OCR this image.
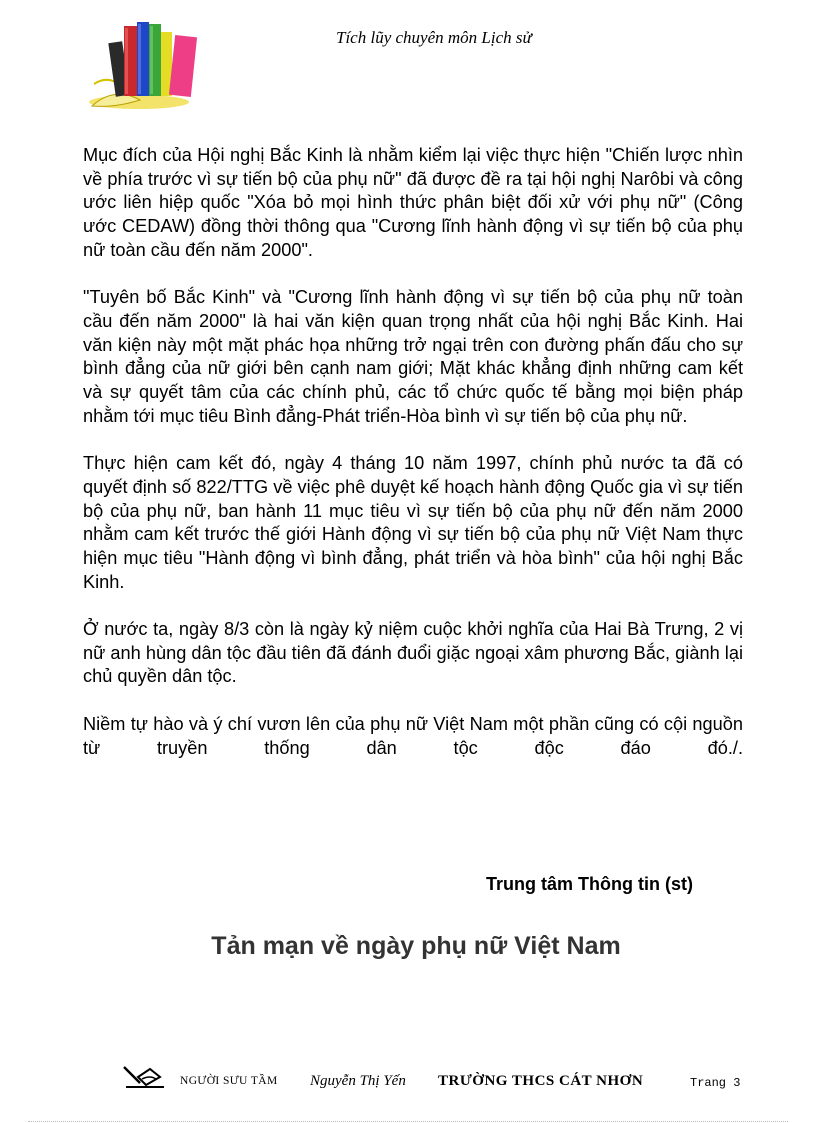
Tích lũy chuyên môn Lịch sử

Mục đích của Hội nghị Bắc Kinh là nhằm kiểm lại việc thực hiện "Chiến lược nhìn về phía trước vì sự tiến bộ của phụ nữ" đã được đề ra tại hội nghị Narôbi và công ước liên hiệp quốc "Xóa bỏ mọi hình thức phân biệt đối xử với phụ nữ" (Công ước CEDAW) đồng thời thông qua "Cương lĩnh hành động vì sự tiến bộ của phụ nữ toàn cầu đến năm 2000".

"Tuyên bố Bắc Kinh" và "Cương lĩnh hành động vì sự tiến bộ của phụ nữ toàn cầu đến năm 2000" là hai văn kiện quan trọng nhất của hội nghị Bắc Kinh. Hai văn kiện này một mặt phác họa những trở ngại trên con đường phấn đấu cho sự bình đẳng của nữ giới bên cạnh nam giới; Mặt khác khẳng định những cam kết và sự quyết tâm của các chính phủ, các tổ chức quốc tế bằng mọi biện pháp nhằm tới mục tiêu Bình đẳng-Phát triển-Hòa bình vì sự tiến bộ của phụ nữ.

Thực hiện cam kết đó, ngày 4 tháng 10 năm 1997, chính phủ nước ta đã có quyết định số 822/TTG về việc phê duyệt kế hoạch hành động Quốc gia vì sự tiến bộ của phụ nữ, ban hành 11 mục tiêu vì sự tiến bộ của phụ nữ đến năm 2000 nhằm cam kết trước thế giới Hành động vì sự tiến bộ của phụ nữ Việt Nam thực hiện mục tiêu "Hành động vì bình đẳng, phát triển và hòa bình" của hội nghị Bắc Kinh.

Ở nước ta, ngày 8/3 còn là ngày kỷ niệm cuộc khởi nghĩa của Hai Bà Trưng, 2 vị nữ anh hùng dân tộc đầu tiên đã đánh đuổi giặc ngoại xâm phương Bắc, giành lại chủ quyền dân tộc.

Niềm tự hào và ý chí vươn lên của phụ nữ Việt Nam một phần cũng có cội nguồn từ truyền thống dân tộc độc đáo đó./.

Trung tâm Thông tin (st)
Tản mạn về ngày phụ nữ Việt Nam
NGƯỜI SƯU TẦM Nguyễn Thị Yến TRƯỜNG THCS CÁT NHƠN	Trang 3
